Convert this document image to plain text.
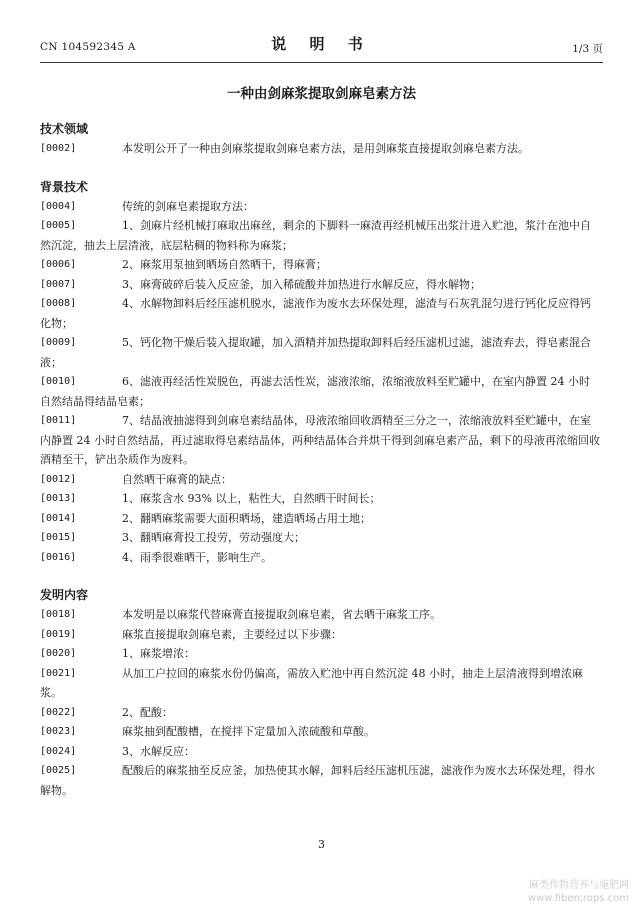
CN 104592345 A	说 明 书	1/3 页
一种由剑麻浆提取剑麻皂素方法
技术领域
[0002]	本发明公开了一种由剑麻浆提取剑麻皂素方法，是用剑麻浆直接提取剑麻皂素方法。
背景技术
[0004]	传统的剑麻皂素提取方法：
[0005]	1、剑麻片经机械打麻取出麻丝，剩余的下脚料一麻渣再经机械压出浆汁进入贮池，浆汁在池中自然沉淀，抽去上层清液，底层粘稠的物料称为麻浆；
[0006]	2、麻浆用泵抽到晒场自然晒干，得麻膏；
[0007]	3、麻膏破碎后装入反应釜，加入稀硫酸并加热进行水解反应，得水解物；
[0008]	4、水解物卸料后经压滤机脱水，滤液作为废水去环保处理，滤渣与石灰乳混匀进行钙化反应得钙化物；
[0009]	5、钙化物干燥后装入提取罐，加入酒精并加热提取卸料后经压滤机过滤，滤渣弃去，得皂素混合液；
[0010]	6、滤液再经活性炭脱色，再滤去活性炭，滤液浓缩，浓缩液放料至贮罐中，在室内静置 24 小时自然结晶得结晶皂素；
[0011]	7、结晶液抽滤得到剑麻皂素结晶体，母液浓缩回收酒精至三分之一，浓缩液放料至贮罐中，在室内静置 24 小时自然结晶，再过滤取得皂素结晶体，两种结晶体合并烘干得到剑麻皂素产品，剩下的母液再浓缩回收酒精至干，铲出杂质作为废料。
[0012]	自然晒干麻膏的缺点：
[0013]	1、麻浆含水 93% 以上，粘性大，自然晒干时间长；
[0014]	2、翻晒麻浆需要大面积晒场，建造晒场占用土地；
[0015]	3、翻晒麻膏投工投劳，劳动强度大；
[0016]	4、雨季很难晒干，影响生产。
发明内容
[0018]	本发明是以麻浆代替麻膏直接提取剑麻皂素，省去晒干麻浆工序。
[0019]	麻浆直接提取剑麻皂素，主要经过以下步骤：
[0020]	1、麻浆增浓：
[0021]	从加工户拉回的麻浆水份仍偏高，需放入贮池中再自然沉淀 48 小时，抽走上层清液得到增浓麻浆。
[0022]	2、配酸：
[0023]	麻浆抽到配酸槽，在搅拌下定量加入浓硫酸和草酸。
[0024]	3、水解反应：
[0025]	配酸后的麻浆抽至反应釜，加热使其水解，卸料后经压滤机压滤，滤液作为废水去环保处理，得水解物。
3
麻类作物营养与施肥网
www.fibercrops.com
